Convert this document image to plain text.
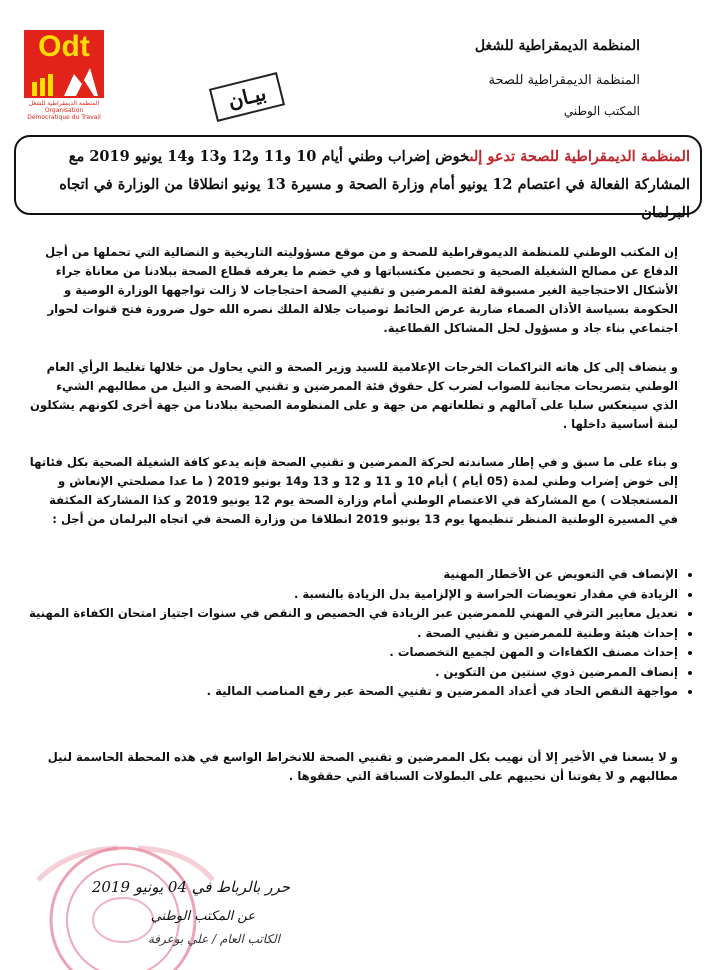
Odt
المنظمة الديمقراطية للشغل
Organisation Démocratique du Travail
بيـان
المنظمة الديمقراطية للشغل
المنظمة الديمقراطية للصحة
المكتب الوطني
المنظمة الديمقراطية للصحة تدعو إلىخوض إضراب وطني أيام 10 و11 و12 و13 و14 يونيو 2019 مع
المشاركة الفعالة في اعتصام 12 يونيو أمام وزارة الصحة و مسيرة 13 يونيو انطلاقا من الوزارة في اتجاه البرلمان
إن المكتب الوطني للمنظمة الديموقراطية للصحة و من موقع مسؤوليته التاريخية و النضالية التي تحملها من أجل الدفاع عن مصالح الشغيلة الصحية و تحصين مكتسباتها و في خضم ما يعرفه قطاع الصحة ببلادنا من معاناة جراء الأشكال الاحتجاجية الغير مسبوقة لفئة الممرضين و تقنيي الصحة احتجاجات لا زالت تواجهها الوزارة الوصية و الحكومة بسياسة الأذان الصماء ضاربة عرض الحائط توصيات جلالة الملك نصره الله حول ضرورة فتح قنوات لحوار اجتماعي بناء جاد و مسؤول لحل المشاكل القطاعية.
و ينضاف إلى كل هاته التراكمات الخرجات الإعلامية للسيد وزير الصحة و التي يحاول من خلالها تغليط الرأي العام الوطني بتصريحات مجانبة للصواب لضرب كل حقوق فئة الممرضين و تقنيي الصحة و النيل من مطالبهم الشيء الذي سينعكس سلبا على آمالهم و تطلعاتهم من جهة و على المنظومة الصحية ببلادنا من جهة أخرى لكونهم يشكلون لبنة أساسية داخلها .
و بناء على ما سبق و في إطار مساندته لحركة الممرضين و تقنيي الصحة فإنه يدعو كافة الشغيلة الصحية بكل فئاتها إلى خوض إضراب وطني لمدة (05 أيام ) أيام 10 و 11 و 12 و 13 و14 يونيو 2019 ( ما عدا مصلحتي الإنعاش و المستعجلات ) مع المشاركة في الاعتصام الوطني أمام وزارة الصحة يوم 12 يونيو 2019 و كذا المشاركة المكثفة في المسيرة الوطنية المنظر تنظيمها يوم 13 يونيو 2019 انطلاقا من وزارة الصحة في اتجاه البرلمان من أجل :
• الإنصاف في التعويض عن الأخطار المهنية
• الزيادة في مقدار تعويضات الحراسة و الإلزامية بدل الزيادة بالنسبة .
• تعديل معايير الترقي المهني للممرضين عبر الزيادة في الحصيص و النقص في سنوات اجتياز امتحان الكفاءة المهنية
• إحداث هيئة وطنية للممرضين و تقنيي الصحة .
• إحداث مصنف الكفاءات و المهن لجميع التخصصات .
• إنصاف الممرضين ذوي سنتين من التكوين .
• مواجهة النقص الحاد في أعداد الممرضين و تقنيي الصحة عبر رفع المناصب المالية .
و لا يسعنا في الأخير إلا أن نهيب بكل الممرضين و تقنيي الصحة للانخراط الواسع في هذه المحطة الحاسمة لنيل مطالبهم و لا يفوتنا أن نحييهم على البطولات السباقة التي حققوها .
حرر بالرباط في 04 يونيو 2019
عن المكتب الوطني
الكاتب العام / علي بوعرفة
